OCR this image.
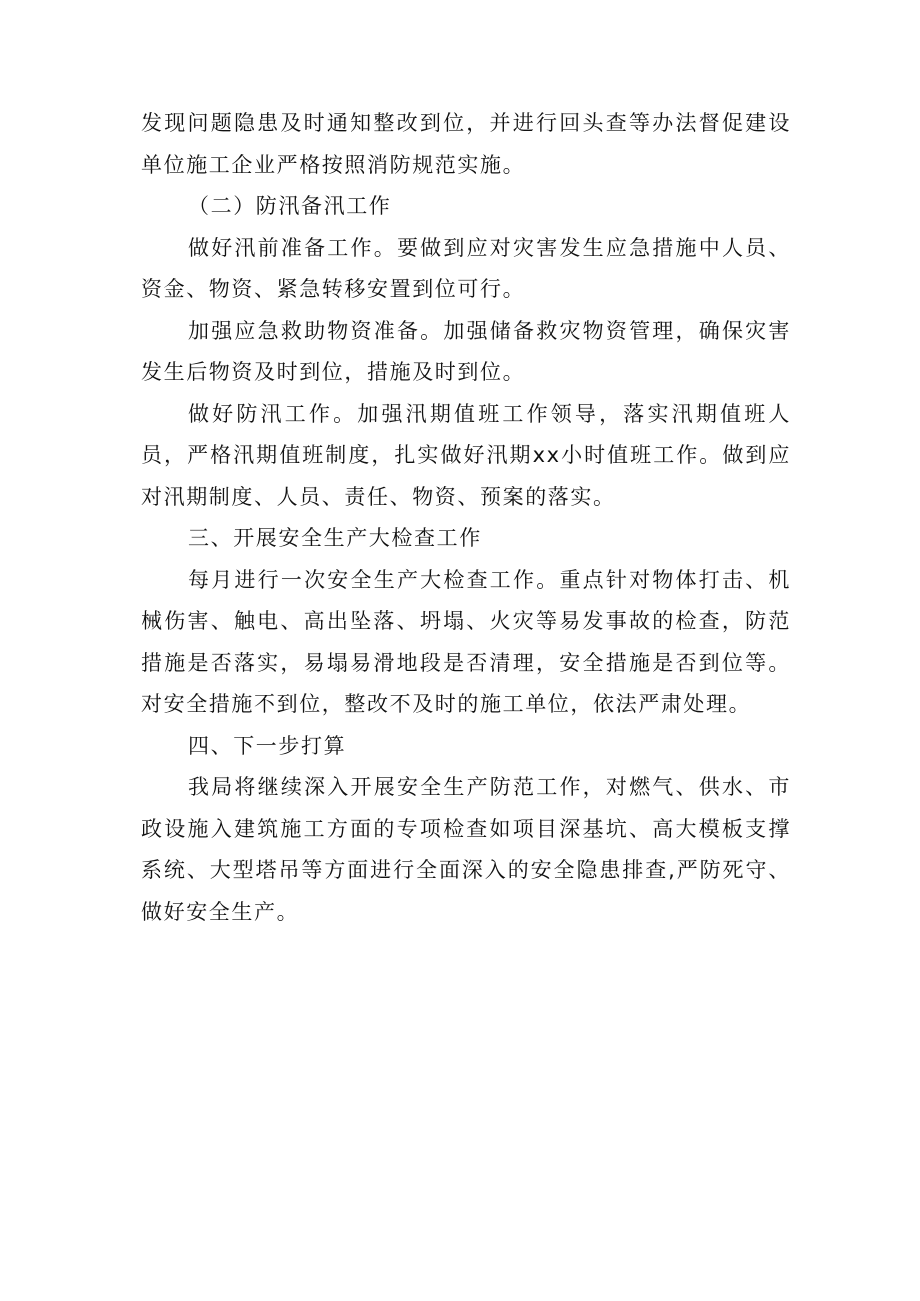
发现问题隐患及时通知整改到位，并进行回头查等办法督促建设
单位施工企业严格按照消防规范实施。
（二）防汛备汛工作
做好汛前准备工作。要做到应对灾害发生应急措施中人员、
资金、物资、紧急转移安置到位可行。
加强应急救助物资准备。加强储备救灾物资管理，确保灾害
发生后物资及时到位，措施及时到位。
做好防汛工作。加强汛期值班工作领导，落实汛期值班人
员，严格汛期值班制度，扎实做好汛期xx小时值班工作。做到应
对汛期制度、人员、责任、物资、预案的落实。
三、开展安全生产大检查工作
每月进行一次安全生产大检查工作。重点针对物体打击、机
械伤害、触电、高出坠落、坍塌、火灾等易发事故的检查，防范
措施是否落实，易塌易滑地段是否清理，安全措施是否到位等。
对安全措施不到位，整改不及时的施工单位，依法严肃处理。
四、下一步打算
我局将继续深入开展安全生产防范工作，对燃气、供水、市
政设施入建筑施工方面的专项检查如项目深基坑、高大模板支撑
系统、大型塔吊等方面进行全面深入的安全隐患排查,严防死守、
做好安全生产。
